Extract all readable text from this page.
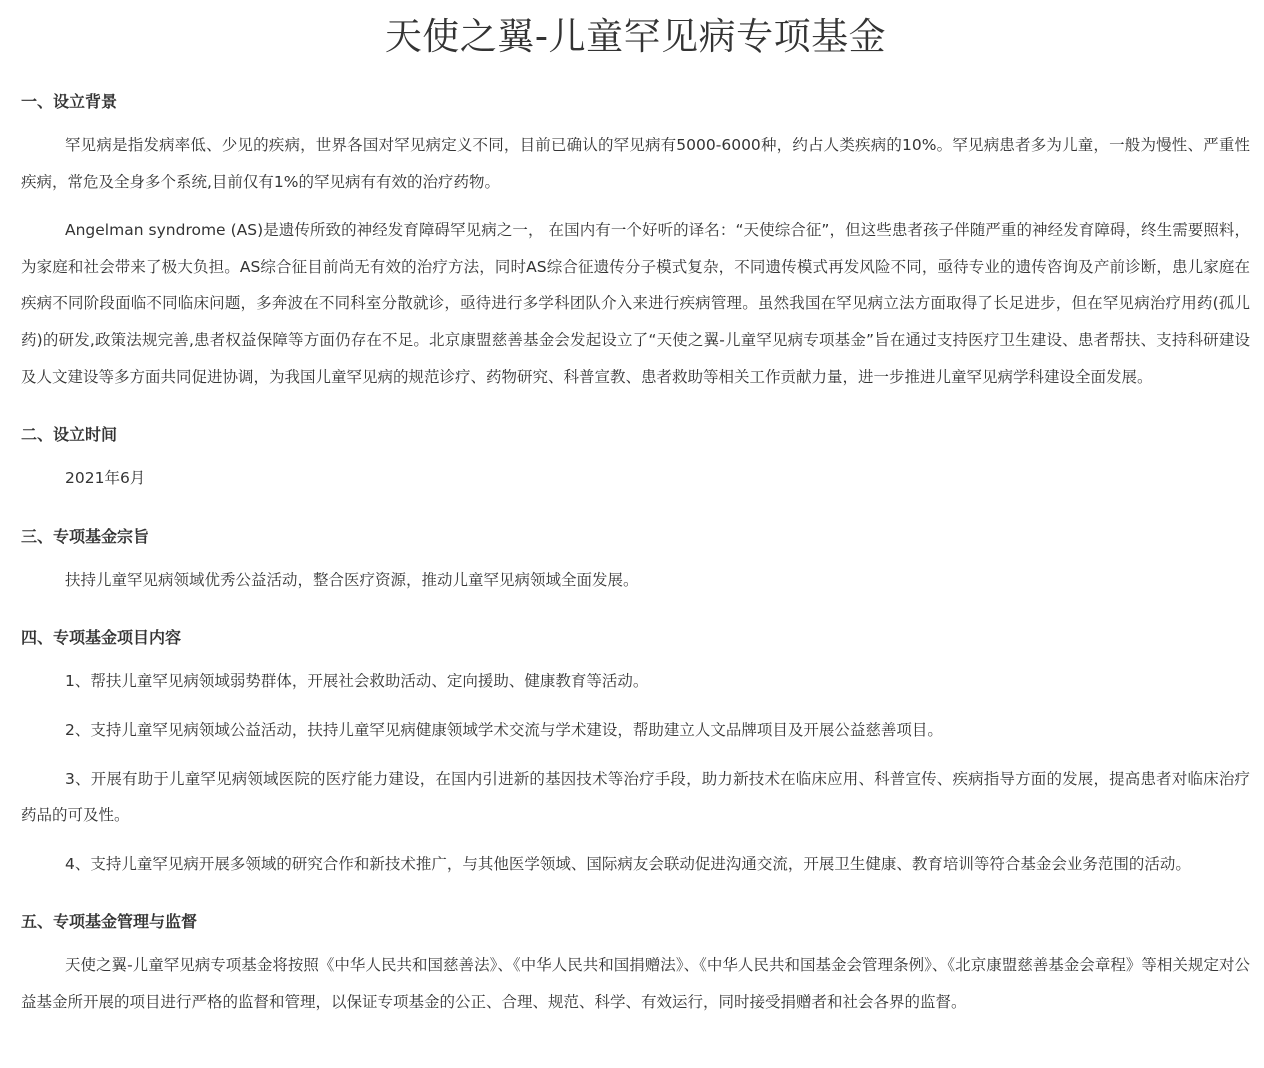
天使之翼-儿童罕见病专项基金
一、设立背景

罕见病是指发病率低、少见的疾病，世界各国对罕见病定义不同，目前已确认的罕见病有5000-6000种，约占人类疾病的10%。罕见病患者多为儿童，一般为慢性、严重性疾病，常危及全身多个系统,目前仅有1%的罕见病有有效的治疗药物。

Angelman syndrome (AS)是遗传所致的神经发育障碍罕见病之一， 在国内有一个好听的译名：“天使综合征”，但这些患者孩子伴随严重的神经发育障碍，终生需要照料，为家庭和社会带来了极大负担。AS综合征目前尚无有效的治疗方法，同时AS综合征遗传分子模式复杂，不同遗传模式再发风险不同，亟待专业的遗传咨询及产前诊断，患儿家庭在疾病不同阶段面临不同临床问题，多奔波在不同科室分散就诊，亟待进行多学科团队介入来进行疾病管理。虽然我国在罕见病立法方面取得了长足进步，但在罕见病治疗用药(孤儿药)的研发,政策法规完善,患者权益保障等方面仍存在不足。北京康盟慈善基金会发起设立了“天使之翼-儿童罕见病专项基金”旨在通过支持医疗卫生建设、患者帮扶、支持科研建设及人文建设等多方面共同促进协调，为我国儿童罕见病的规范诊疗、药物研究、科普宣教、患者救助等相关工作贡献力量，进一步推进儿童罕见病学科建设全面发展。

二、设立时间

2021年6月

三、专项基金宗旨

扶持儿童罕见病领域优秀公益活动，整合医疗资源，推动儿童罕见病领域全面发展。

四、专项基金项目内容

1、帮扶儿童罕见病领域弱势群体，开展社会救助活动、定向援助、健康教育等活动。

2、支持儿童罕见病领域公益活动，扶持儿童罕见病健康领域学术交流与学术建设，帮助建立人文品牌项目及开展公益慈善项目。

3、开展有助于儿童罕见病领域医院的医疗能力建设，在国内引进新的基因技术等治疗手段，助力新技术在临床应用、科普宣传、疾病指导方面的发展，提高患者对临床治疗药品的可及性。

4、支持儿童罕见病开展多领域的研究合作和新技术推广，与其他医学领域、国际病友会联动促进沟通交流，开展卫生健康、教育培训等符合基金会业务范围的活动。

五、专项基金管理与监督

天使之翼-儿童罕见病专项基金将按照《中华人民共和国慈善法》、《中华人民共和国捐赠法》、《中华人民共和国基金会管理条例》、《北京康盟慈善基金会章程》等相关规定对公益基金所开展的项目进行严格的监督和管理，以保证专项基金的公正、合理、规范、科学、有效运行，同时接受捐赠者和社会各界的监督。
